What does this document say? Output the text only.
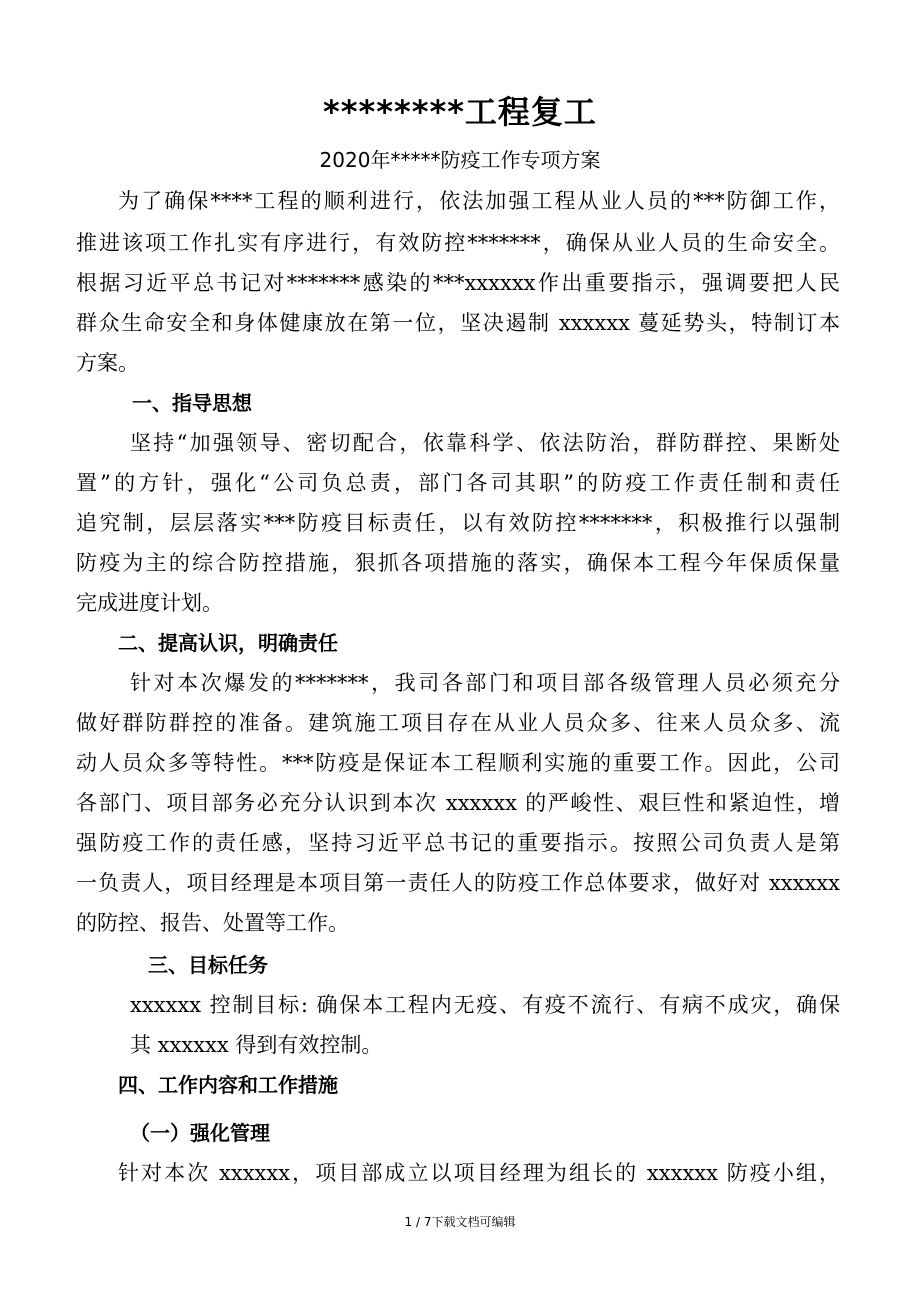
********工程复工
2020年*****防疫工作专项方案
为了确保****工程的顺利进行，依法加强工程从业人员的***防御工作，
推进该项工作扎实有序进行，有效防控*******，确保从业人员的生命安全。
根据习近平总书记对*******感染的***xxxxxx作出重要指示，强调要把人民
群众生命安全和身体健康放在第一位，坚决遏制 xxxxxx 蔓延势头，特制订本
方案。
一、指导思想
坚持“加强领导、密切配合，依靠科学、依法防治，群防群控、果断处
置”的方针，强化“公司负总责，部门各司其职”的防疫工作责任制和责任
追究制，层层落实***防疫目标责任，以有效防控*******，积极推行以强制
防疫为主的综合防控措施，狠抓各项措施的落实，确保本工程今年保质保量
完成进度计划。
二、提高认识，明确责任
针对本次爆发的*******，我司各部门和项目部各级管理人员必须充分
做好群防群控的准备。建筑施工项目存在从业人员众多、往来人员众多、流
动人员众多等特性。***防疫是保证本工程顺利实施的重要工作。因此，公司
各部门、项目部务必充分认识到本次 xxxxxx 的严峻性、艰巨性和紧迫性，增
强防疫工作的责任感，坚持习近平总书记的重要指示。按照公司负责人是第
一负责人，项目经理是本项目第一责任人的防疫工作总体要求，做好对 xxxxxx
的防控、报告、处置等工作。
三、目标任务
xxxxxx 控制目标: 确保本工程内无疫、有疫不流行、有病不成灾，确保
其 xxxxxx 得到有效控制。
四、工作内容和工作措施
（一）强化管理
针对本次 xxxxxx，项目部成立以项目经理为组长的 xxxxxx 防疫小组，
1 / 7下载文档可编辑
